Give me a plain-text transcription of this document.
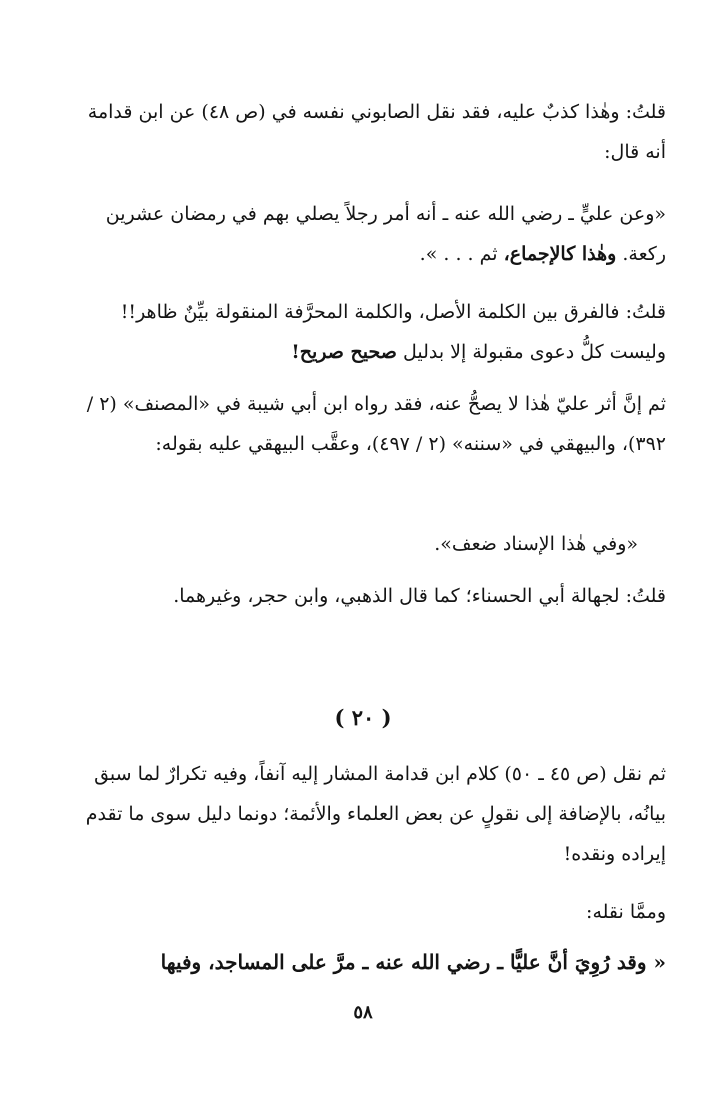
قلتُ: وهٰذا كذبٌ عليه، فقد نقل الصابوني نفسه في (ص ٤٨) عن ابن قدامة أنه قال:

«وعن عليٍّ ـ رضي الله عنه ـ أنه أمر رجلاً يصلي بهم في رمضان عشرين ركعة. وهٰذا كالإجماع، ثم . . . ».

قلتُ: فالفرق بين الكلمة الأصل، والكلمة المحرَّفة المنقولة بيِّنٌ ظاهر!! وليست كلُّ دعوى مقبولة إلا بدليل صحيح صريح!

ثم إنَّ أثر عليّ هٰذا لا يصحُّ عنه، فقد رواه ابن أبي شيبة في «المصنف» (٢ / ٣٩٢)، والبيهقي في «سننه» (٢ / ٤٩٧)، وعقَّب البيهقي عليه بقوله:

«وفي هٰذا الإسناد ضعف».

قلتُ: لجهالة أبي الحسناء؛ كما قال الذهبي، وابن حجر، وغيرهما.

( ٢٠ )

ثم نقل (ص ٤٥ ـ ٥٠) كلام ابن قدامة المشار إليه آنفاً، وفيه تكرارٌ لما سبق بيانُه، بالإضافة إلى نقولٍ عن بعض العلماء والأئمة؛ دونما دليل سوى ما تقدم إيراده ونقده!

وممَّا نقله:

« وقد رُوِيَ أنَّ عليًّا ـ رضي الله عنه ـ مرَّ على المساجد، وفيها

٥٨
